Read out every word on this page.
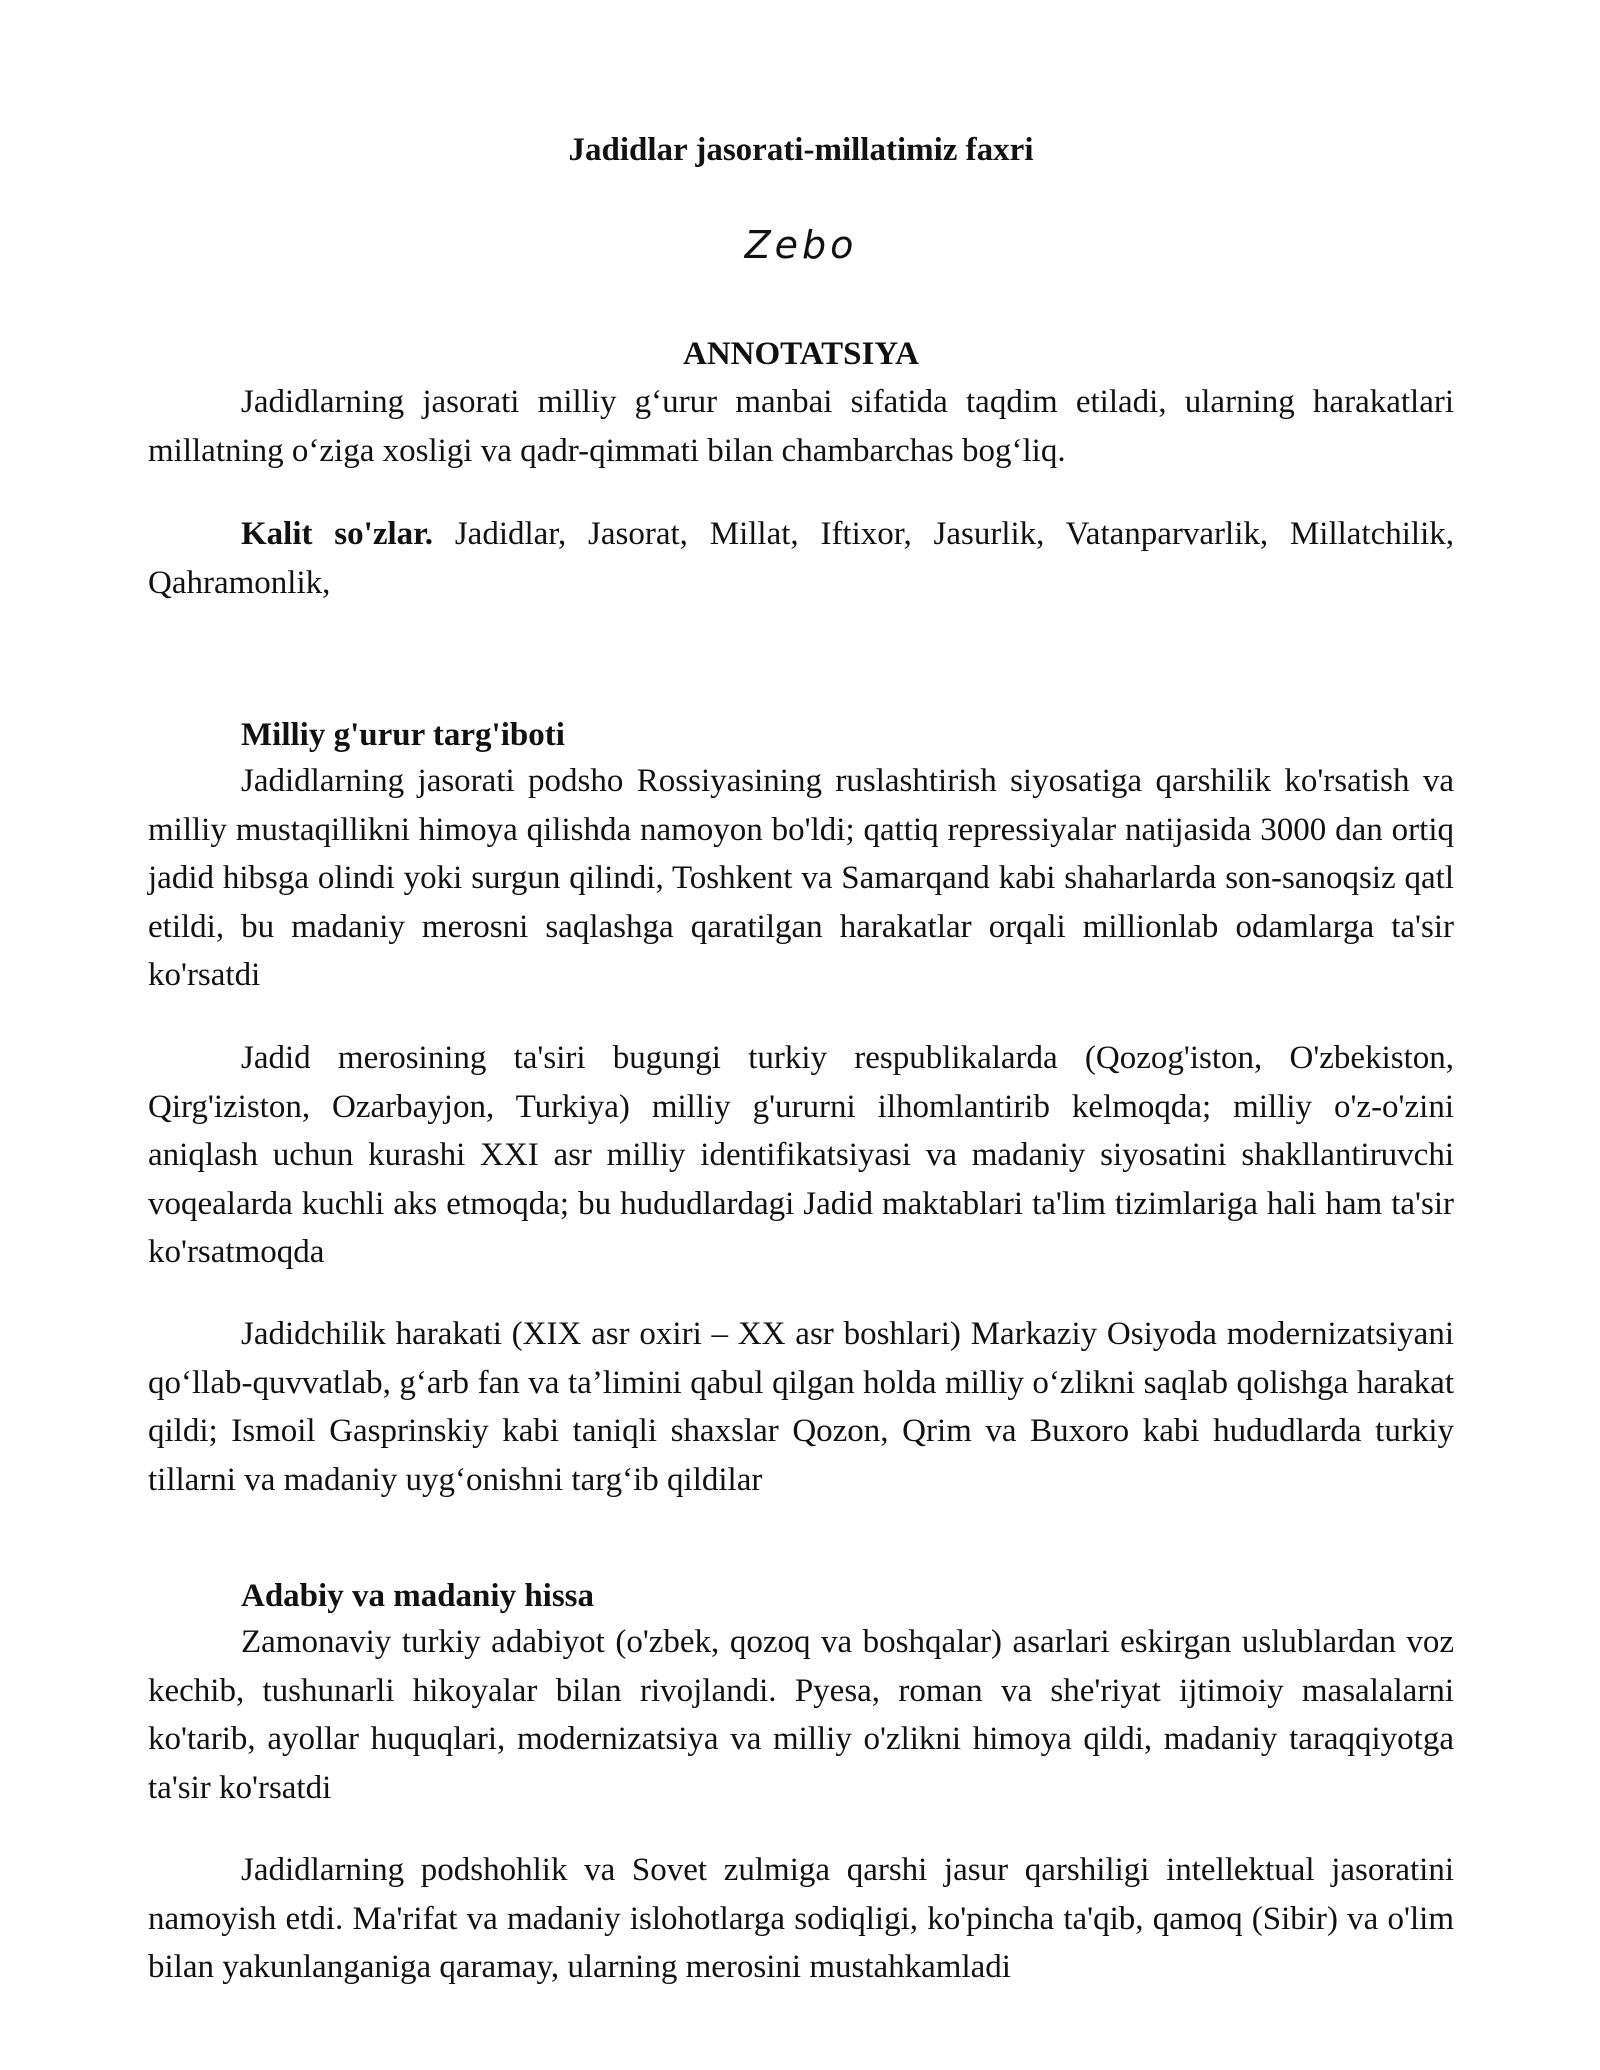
Jadidlar jasorati-millatimiz faxri

Zebo

ANNOTATSIYA

Jadidlarning jasorati milliy g‘urur manbai sifatida taqdim etiladi, ularning harakatlari millatning o‘ziga xosligi va qadr-qimmati bilan chambarchas bog‘liq.

Kalit so'zlar. Jadidlar, Jasorat, Millat, Iftixor, Jasurlik, Vatanparvarlik, Millatchilik, Qahramonlik,

Milliy g'urur targ'iboti

Jadidlarning jasorati podsho Rossiyasining ruslashtirish siyosatiga qarshilik ko'rsatish va milliy mustaqillikni himoya qilishda namoyon bo'ldi; qattiq repressiyalar natijasida 3000 dan ortiq jadid hibsga olindi yoki surgun qilindi, Toshkent va Samarqand kabi shaharlarda son-sanoqsiz qatl etildi, bu madaniy merosni saqlashga qaratilgan harakatlar orqali millionlab odamlarga ta'sir ko'rsatdi

Jadid merosining ta'siri bugungi turkiy respublikalarda (Qozog'iston, O'zbekiston, Qirg'iziston, Ozarbayjon, Turkiya) milliy g'ururni ilhomlantirib kelmoqda; milliy o'z-o'zini aniqlash uchun kurashi XXI asr milliy identifikatsiyasi va madaniy siyosatini shakllantiruvchi voqealarda kuchli aks etmoqda; bu hududlardagi Jadid maktablari ta'lim tizimlariga hali ham ta'sir ko'rsatmoqda

Jadidchilik harakati (XIX asr oxiri – XX asr boshlari) Markaziy Osiyoda modernizatsiyani qo‘llab-quvvatlab, g‘arb fan va ta’limini qabul qilgan holda milliy o‘zlikni saqlab qolishga harakat qildi; Ismoil Gasprinskiy kabi taniqli shaxslar Qozon, Qrim va Buxoro kabi hududlarda turkiy tillarni va madaniy uyg‘onishni targ‘ib qildilar

Adabiy va madaniy hissa

Zamonaviy turkiy adabiyot (o'zbek, qozoq va boshqalar) asarlari eskirgan uslublardan voz kechib, tushunarli hikoyalar bilan rivojlandi. Pyesa, roman va she'riyat ijtimoiy masalalarni ko'tarib, ayollar huquqlari, modernizatsiya va milliy o'zlikni himoya qildi, madaniy taraqqiyotga ta'sir ko'rsatdi

Jadidlarning podshohlik va Sovet zulmiga qarshi jasur qarshiligi intellektual jasoratini namoyish etdi. Ma'rifat va madaniy islohotlarga sodiqligi, ko'pincha ta'qib, qamoq (Sibir) va o'lim bilan yakunlanganiga qaramay, ularning merosini mustahkamladi
